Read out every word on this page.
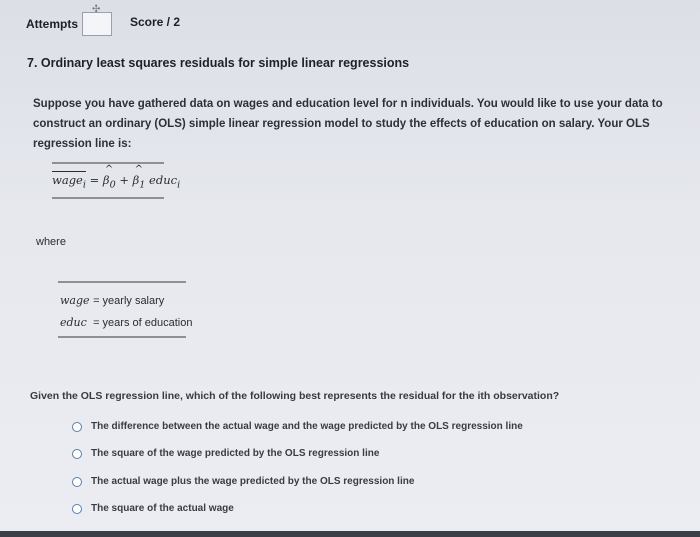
Attempts
✣
Score / 2
7. Ordinary least squares residuals for simple linear regressions
Suppose you have gathered data on wages and education level for n individuals. You would like to use your data to construct an ordinary (OLS) simple linear regression model to study the effects of education on salary. Your OLS regression line is:
wage$_i$ = ^ $\beta_0$ + ^ $\beta_1$ educ$_i$
where
wage = yearly salary
educ = years of education
Given the OLS regression line, which of the following best represents the residual for the ith observation?
The difference between the actual wage and the wage predicted by the OLS regression line
The square of the wage predicted by the OLS regression line
The actual wage plus the wage predicted by the OLS regression line
The square of the actual wage
